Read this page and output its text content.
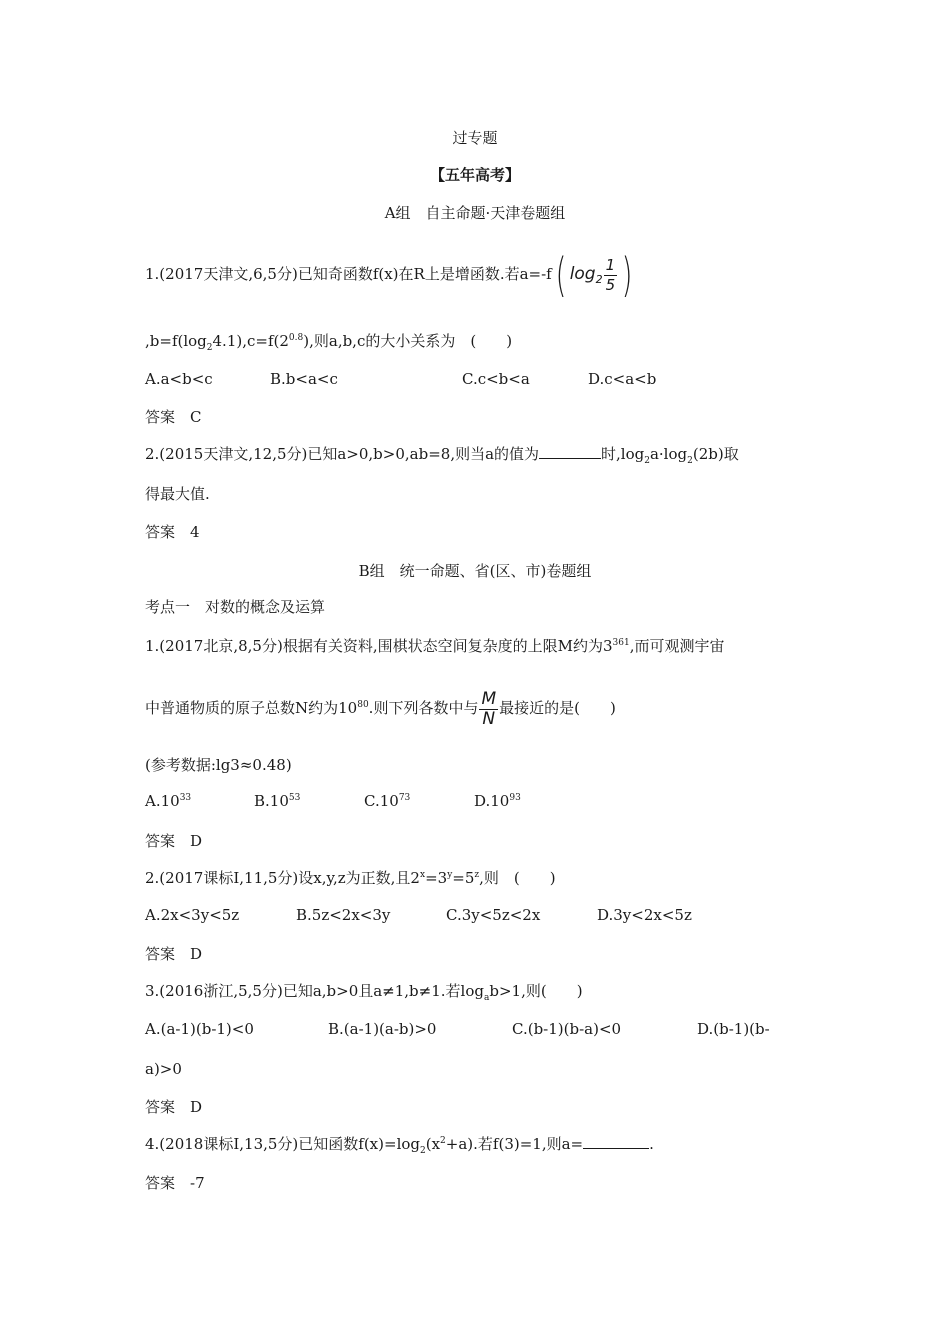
过专题
【五年高考】
A组　自主命题·天津卷题组
1.(2017天津文,6,5分)已知奇函数f(x)在R上是增函数.若a=-f( $\log_2 \frac{1}{5}$ )
$,b=f(\log_24.1),c=f(2^{0.8})$,则a,b,c的大小关系为　(　　)
A.a<b<c	B.b<a<c	C.c<b<a	D.c<a<b
答案　C
2.(2015天津文,12,5分)已知a>0,b>0,ab=8,则当a的值为	时$,\log_2a\cdot\log_2(2b)$取
得最大值.
答案　4
B组　统一命题、省(区、市)卷题组
考点一　对数的概念及运算
1.(2017北京,8,5分)根据有关资料,围棋状态空间复杂度的上限M约为$3^{361}$,而可观测宇宙
中普通物质的原子总数N约为$10^{80}$.则下列各数中与 $\frac{M}{N}$ 最接近的是(　　)
(参考数据:lg3≈0.48)
$A.10^{33}$	$B.10^{53}$	$C.10^{73}$	$D.10^{93}$
答案　D
2.(2017课标Ⅰ,11,5分)设x,y,z为正数,且$2^x=3^y=5^z$,则　(　　)
A.2x<3y<5z	B.5z<2x<3y	C.3y<5z<2x	D.3y<2x<5z
答案　D
3.(2016浙江,5,5分)已知a,b>0且a≠1,b≠1.若$\log_ab>1$,则(　　)
A.(a-1)(b-1)<0	B.(a-1)(a-b)>0	C.(b-1)(b-a)<0	D.(b-1)(b-
a)>0
答案　D
4.(2018课标Ⅰ,13,5分)已知函数$f(x)=\log_2(x^2+a)$.若f(3)=1,则a=	.
答案　-7
